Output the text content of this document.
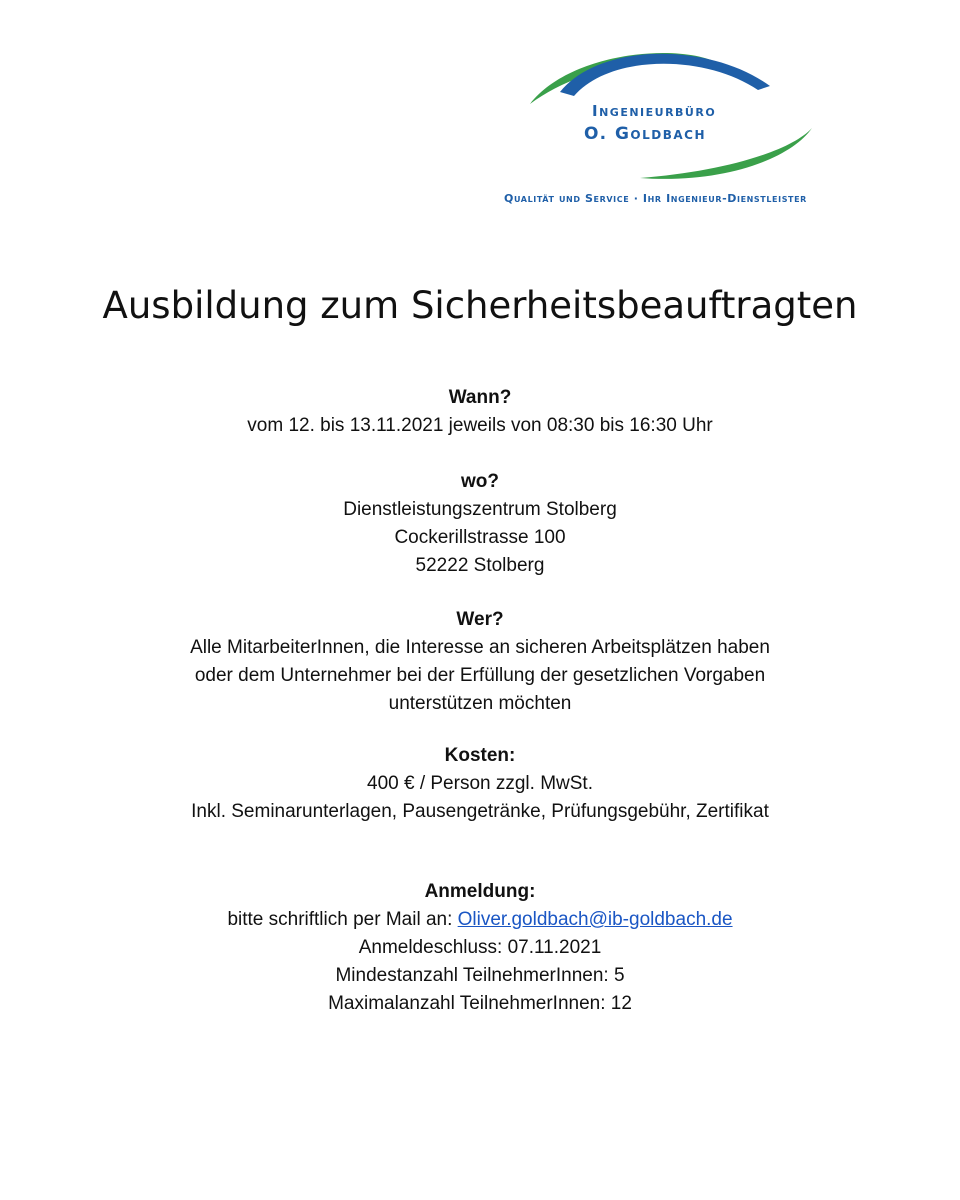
Ingenieurbüro
O. Goldbach
Qualität und Service · Ihr Ingenieur-Dienstleister
Ausbildung zum Sicherheitsbeauftragten
Wann?
vom 12. bis 13.11.2021 jeweils von 08:30 bis 16:30 Uhr
wo?
Dienstleistungszentrum Stolberg
Cockerillstrasse 100
52222 Stolberg
Wer?
Alle MitarbeiterInnen, die Interesse an sicheren Arbeitsplätzen haben
oder dem Unternehmer bei der Erfüllung der gesetzlichen Vorgaben
unterstützen möchten
Kosten:
400 € / Person zzgl. MwSt.
Inkl. Seminarunterlagen, Pausengetränke, Prüfungsgebühr, Zertifikat
Anmeldung:
bitte schriftlich per Mail an: Oliver.goldbach@ib-goldbach.de
Anmeldeschluss: 07.11.2021
Mindestanzahl TeilnehmerInnen: 5
Maximalanzahl TeilnehmerInnen: 12
